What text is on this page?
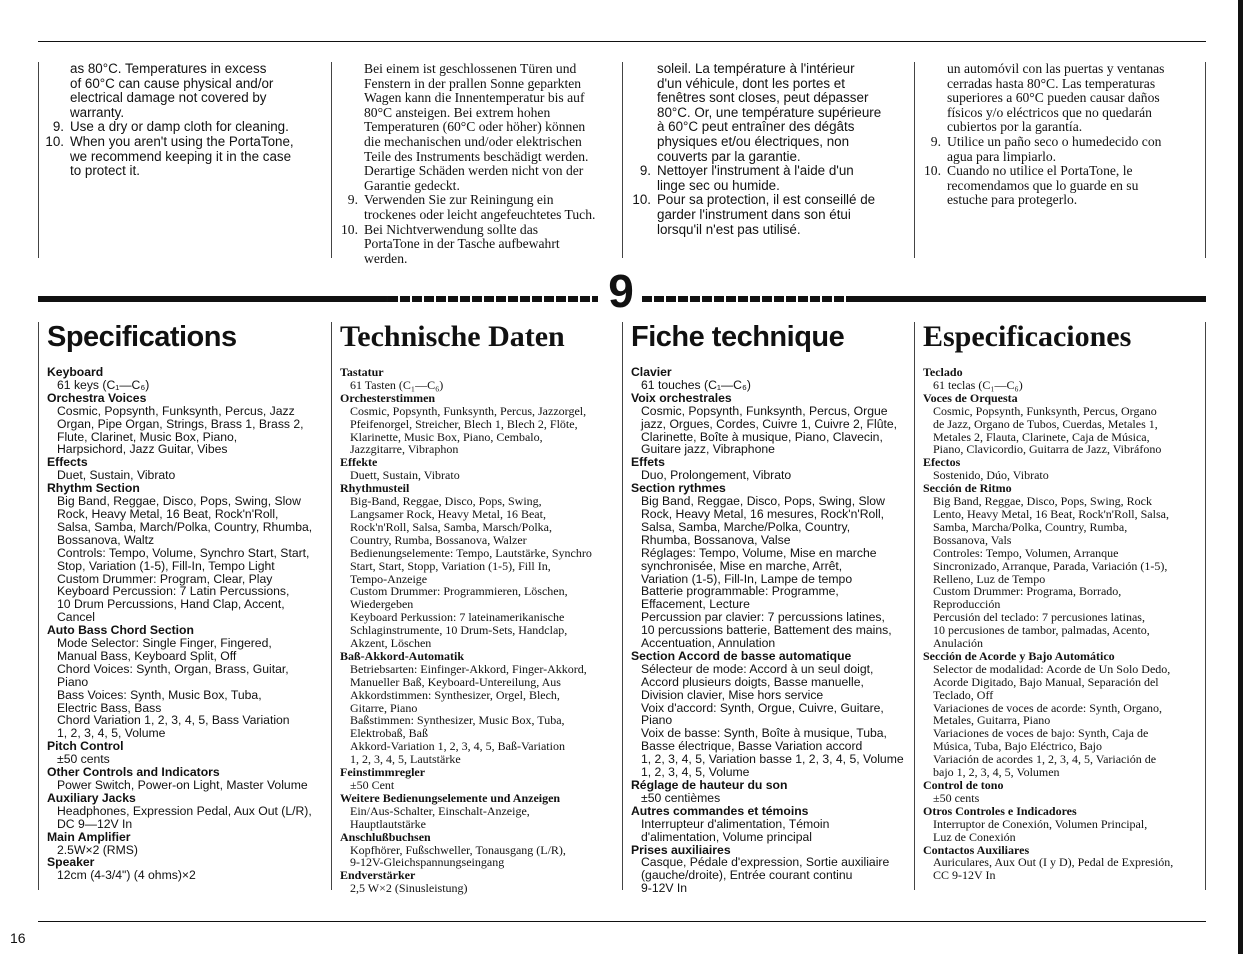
9
as 80°C. Temperatures in excess
of 60°C can cause physical and/or
electrical damage not covered by
warranty.
9. Use a dry or damp cloth for cleaning.
10. When you aren't using the PortaTone,
we recommend keeping it in the case
to protect it.
Bei einem ist geschlossenen Türen und
Fenstern in der prallen Sonne geparkten
Wagen kann die Innentemperatur bis auf
80°C ansteigen. Bei extrem hohen
Temperaturen (60°C oder höher) können
die mechanischen und/oder elektrischen
Teile des Instruments beschädigt werden.
Derartige Schäden werden nicht von der
Garantie gedeckt.
9. Verwenden Sie zur Reiningung ein
trockenes oder leicht angefeuchtetes Tuch.
10. Bei Nichtverwendung sollte das
PortaTone in der Tasche aufbewahrt
werden.
soleil. La température à l'intérieur
d'un véhicule, dont les portes et
fenêtres sont closes, peut dépasser
80°C. Or, une température supérieure
à 60°C peut entraîner des dégâts
physiques et/ou électriques, non
couverts par la garantie.
9. Nettoyer l'instrument à l'aide d'un
linge sec ou humide.
10. Pour sa protection, il est conseillé de
garder l'instrument dans son étui
lorsqu'il n'est pas utilisé.
un automóvil con las puertas y ventanas
cerradas hasta 80°C. Las temperaturas
superiores a 60°C pueden causar daños
físicos y/o eléctricos que no quedarán
cubiertos por la garantía.
9. Utilice un paño seco o humedecido con
agua para limpiarlo.
10. Cuando no utilice el PortaTone, le
recomendamos que lo guarde en su
estuche para protegerlo.
Specifications
Keyboard
61 keys (C₁—C₆)
Orchestra Voices
Cosmic, Popsynth, Funksynth, Percus, Jazz
Organ, Pipe Organ, Strings, Brass 1, Brass 2,
Flute, Clarinet, Music Box, Piano,
Harpsichord, Jazz Guitar, Vibes
Effects
Duet, Sustain, Vibrato
Rhythm Section
Big Band, Reggae, Disco, Pops, Swing, Slow
Rock, Heavy Metal, 16 Beat, Rock'n'Roll,
Salsa, Samba, March/Polka, Country, Rhumba,
Bossanova, Waltz
Controls: Tempo, Volume, Synchro Start, Start,
Stop, Variation (1-5), Fill-In, Tempo Light
Custom Drummer: Program, Clear, Play
Keyboard Percussion: 7 Latin Percussions,
10 Drum Percussions, Hand Clap, Accent,
Cancel
Auto Bass Chord Section
Mode Selector: Single Finger, Fingered,
Manual Bass, Keyboard Split, Off
Chord Voices: Synth, Organ, Brass, Guitar,
Piano
Bass Voices: Synth, Music Box, Tuba,
Electric Bass, Bass
Chord Variation 1, 2, 3, 4, 5, Bass Variation
1, 2, 3, 4, 5, Volume
Pitch Control
±50 cents
Other Controls and Indicators
Power Switch, Power-on Light, Master Volume
Auxiliary Jacks
Headphones, Expression Pedal, Aux Out (L/R),
DC 9—12V In
Main Amplifier
2.5W×2 (RMS)
Speaker
12cm (4-3/4") (4 ohms)×2
Technische Daten
Tastatur
61 Tasten (C₁—C₆)
Orchesterstimmen
Cosmic, Popsynth, Funksynth, Percus, Jazzorgel,
Pfeifenorgel, Streicher, Blech 1, Blech 2, Flöte,
Klarinette, Music Box, Piano, Cembalo,
Jazzgitarre, Vibraphon
Effekte
Duett, Sustain, Vibrato
Rhythmusteil
Big-Band, Reggae, Disco, Pops, Swing,
Langsamer Rock, Heavy Metal, 16 Beat,
Rock'n'Roll, Salsa, Samba, Marsch/Polka,
Country, Rumba, Bossanova, Walzer
Bedienungselemente: Tempo, Lautstärke, Synchro
Start, Start, Stopp, Variation (1-5), Fill In,
Tempo-Anzeige
Custom Drummer: Programmieren, Löschen,
Wiedergeben
Keyboard Perkussion: 7 lateinamerikanische
Schlaginstrumente, 10 Drum-Sets, Handclap,
Akzent, Löschen
Baß-Akkord-Automatik
Betriebsarten: Einfinger-Akkord, Finger-Akkord,
Manueller Baß, Keyboard-Untereilung, Aus
Akkordstimmen: Synthesizer, Orgel, Blech,
Gitarre, Piano
Baßstimmen: Synthesizer, Music Box, Tuba,
Elektrobaß, Baß
Akkord-Variation 1, 2, 3, 4, 5, Baß-Variation
1, 2, 3, 4, 5, Lautstärke
Feinstimmregler
±50 Cent
Weitere Bedienungselemente und Anzeigen
Ein/Aus-Schalter, Einschalt-Anzeige,
Hauptlautstärke
Anschlußbuchsen
Kopfhörer, Fußschweller, Tonausgang (L/R),
9-12V-Gleichspannungseingang
Endverstärker
2,5 W×2 (Sinusleistung)
Fiche technique
Clavier
61 touches (C₁—C₆)
Voix orchestrales
Cosmic, Popsynth, Funksynth, Percus, Orgue
jazz, Orgues, Cordes, Cuivre 1, Cuivre 2, Flûte,
Clarinette, Boîte à musique, Piano, Clavecin,
Guitare jazz, Vibraphone
Effets
Duo, Prolongement, Vibrato
Section rythmes
Big Band, Reggae, Disco, Pops, Swing, Slow
Rock, Heavy Metal, 16 mesures, Rock'n'Roll,
Salsa, Samba, Marche/Polka, Country,
Rhumba, Bossanova, Valse
Réglages: Tempo, Volume, Mise en marche
synchronisée, Mise en marche, Arrêt,
Variation (1-5), Fill-In, Lampe de tempo
Batterie programmable: Programme,
Effacement, Lecture
Percussion par clavier: 7 percussions latines,
10 percussions batterie, Battement des mains,
Accentuation, Annulation
Section Accord de basse automatique
Sélecteur de mode: Accord à un seul doigt,
Accord plusieurs doigts, Basse manuelle,
Division clavier, Mise hors service
Voix d'accord: Synth, Orgue, Cuivre, Guitare,
Piano
Voix de basse: Synth, Boîte à musique, Tuba,
Basse électrique, Basse Variation accord
1, 2, 3, 4, 5, Variation basse 1, 2, 3, 4, 5, Volume
1, 2, 3, 4, 5, Volume
Réglage de hauteur du son
±50 centièmes
Autres commandes et témoins
Interrupteur d'alimentation, Témoin
d'alimentation, Volume principal
Prises auxiliaires
Casque, Pédale d'expression, Sortie auxiliaire
(gauche/droite), Entrée courant continu
9-12V In
Especificaciones
Teclado
61 teclas (C₁—C₆)
Voces de Orquesta
Cosmic, Popsynth, Funksynth, Percus, Organo
de Jazz, Organo de Tubos, Cuerdas, Metales 1,
Metales 2, Flauta, Clarinete, Caja de Música,
Piano, Clavicordio, Guitarra de Jazz, Vibráfono
Efectos
Sostenido, Dúo, Vibrato
Sección de Ritmo
Big Band, Reggae, Disco, Pops, Swing, Rock
Lento, Heavy Metal, 16 Beat, Rock'n'Roll, Salsa,
Samba, Marcha/Polka, Country, Rumba,
Bossanova, Vals
Controles: Tempo, Volumen, Arranque
Sincronizado, Arranque, Parada, Variación (1-5),
Relleno, Luz de Tempo
Custom Drummer: Programa, Borrado,
Reproducción
Percusión del teclado: 7 percusiones latinas,
10 percusiones de tambor, palmadas, Acento,
Anulación
Sección de Acorde y Bajo Automático
Selector de modalidad: Acorde de Un Solo Dedo,
Acorde Digitado, Bajo Manual, Separación del
Teclado, Off
Variaciones de voces de acorde: Synth, Organo,
Metales, Guitarra, Piano
Variaciones de voces de bajo: Synth, Caja de
Música, Tuba, Bajo Eléctrico, Bajo
Variación de acordes 1, 2, 3, 4, 5, Variación de
bajo 1, 2, 3, 4, 5, Volumen
Control de tono
±50 cents
Otros Controles e Indicadores
Interruptor de Conexión, Volumen Principal,
Luz de Conexión
Contactos Auxiliares
Auriculares, Aux Out (I y D), Pedal de Expresión,
CC 9-12V In
16
